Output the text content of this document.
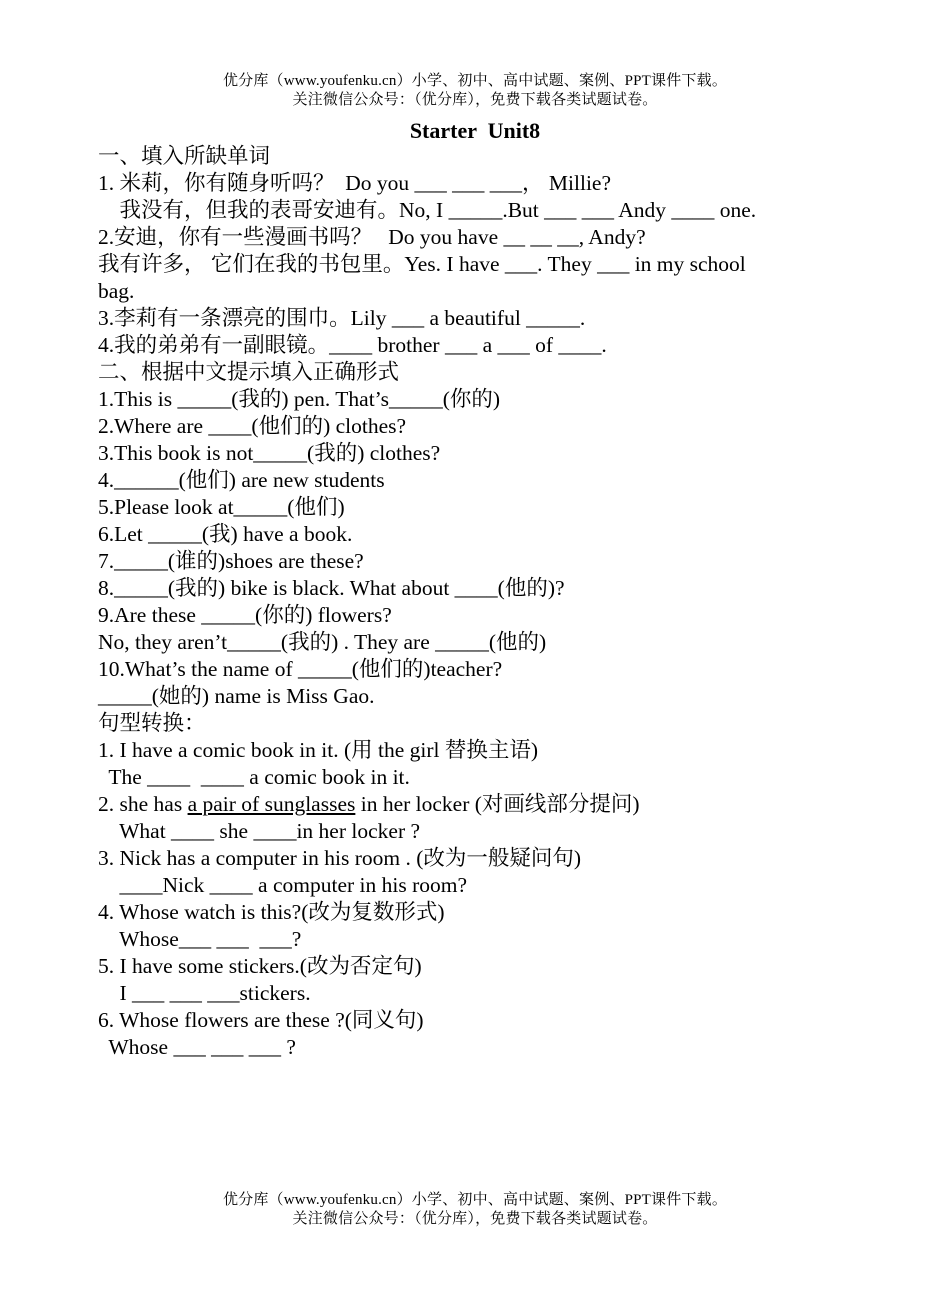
优分库（www.youfenku.cn）小学、初中、高中试题、案例、PPT课件下载。
关注微信公众号：（优分库），免费下载各类试题试卷。
Starter  Unit8
一、填入所缺单词
1. 米莉，你有随身听吗？  Do you ___ ___ ___， Millie?
我没有，但我的表哥安迪有。No, I _____.But ___ ___ Andy ____ one.
2.安迪，你有一些漫画书吗？   Do you have __ __ __, Andy?
我有许多， 它们在我的书包里。Yes. I have ___. They ___ in my school
bag.
3.李莉有一条漂亮的围巾。Lily ___ a beautiful _____.
4.我的弟弟有一副眼镜。____ brother ___ a ___ of ____.
二、根据中文提示填入正确形式
1.This is _____(我的) pen. That’s_____(你的)
2.Where are ____(他们的) clothes?
3.This book is not_____(我的) clothes?
4.______(他们) are new students
5.Please look at_____(他们)
6.Let _____(我) have a book.
7._____(谁的)shoes are these?
8._____(我的) bike is black. What about ____(他的)?
9.Are these _____(你的) flowers?
No, they aren’t_____(我的) . They are _____(他的)
10.What’s the name of _____(他们的)teacher?
_____(她的) name is Miss Gao.
句型转换：
1. I have a comic book in it. (用 the girl 替换主语)
The ____  ____ a comic book in it.
2. she has a pair of sunglasses in her locker (对画线部分提问)
What ____ she ____in her locker ?
3. Nick has a computer in his room . (改为一般疑问句)
____Nick ____ a computer in his room?
4. Whose watch is this?(改为复数形式)
Whose___ ___  ___?
5. I have some stickers.(改为否定句)
I ___ ___ ___stickers.
6. Whose flowers are these ?(同义句)
Whose ___ ___ ___ ?
优分库（www.youfenku.cn）小学、初中、高中试题、案例、PPT课件下载。
关注微信公众号：（优分库），免费下载各类试题试卷。
